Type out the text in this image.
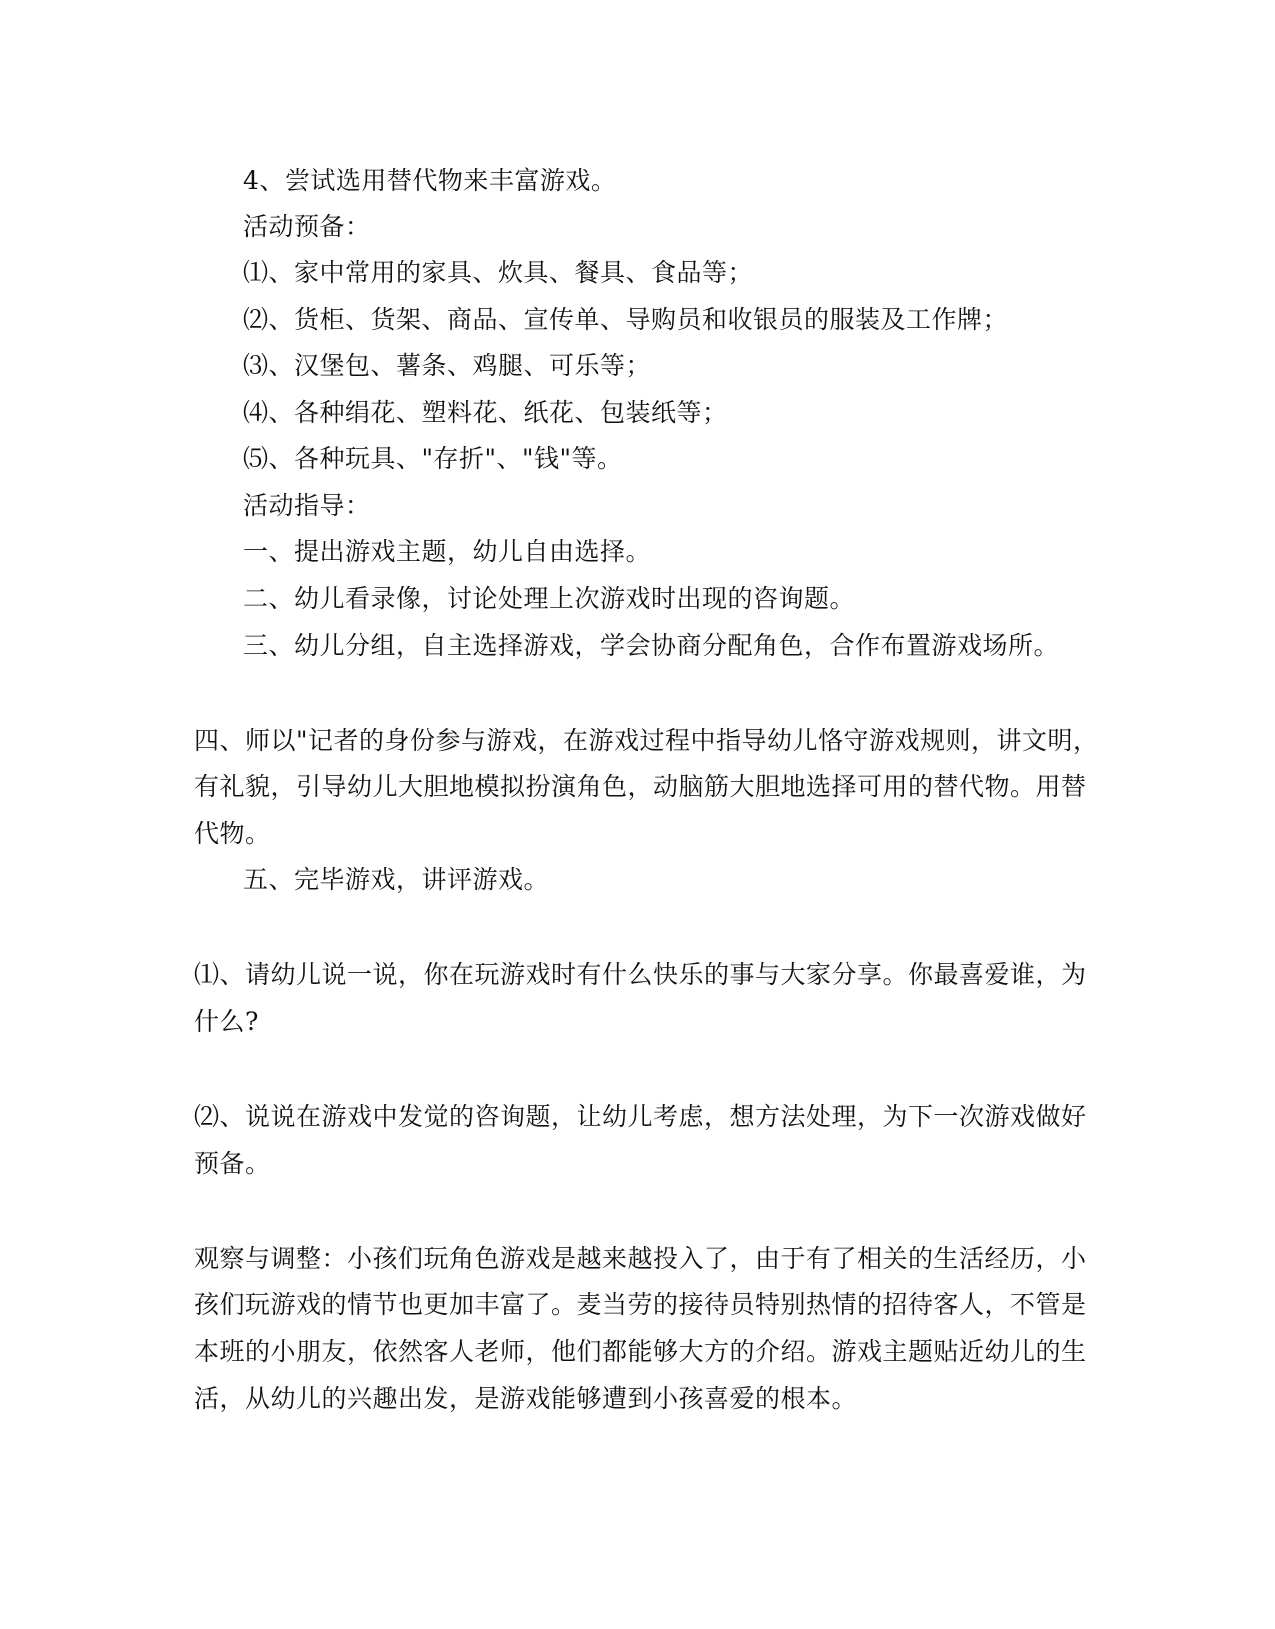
4、尝试选用替代物来丰富游戏。
活动预备：
⑴、家中常用的家具、炊具、餐具、食品等；
⑵、货柜、货架、商品、宣传单、导购员和收银员的服装及工作牌；
⑶、汉堡包、薯条、鸡腿、可乐等；
⑷、各种绢花、塑料花、纸花、包装纸等；
⑸、各种玩具、"存折"、"钱"等。
活动指导：
一、提出游戏主题，幼儿自由选择。
二、幼儿看录像，讨论处理上次游戏时出现的咨询题。
三、幼儿分组，自主选择游戏，学会协商分配角色，合作布置游戏场所。
四、师以"记者的身份参与游戏，在游戏过程中指导幼儿恪守游戏规则，讲文明，
有礼貌，引导幼儿大胆地模拟扮演角色，动脑筋大胆地选择可用的替代物。用替
代物。
五、完毕游戏，讲评游戏。
⑴、请幼儿说一说，你在玩游戏时有什么快乐的事与大家分享。你最喜爱谁，为
什么?
⑵、说说在游戏中发觉的咨询题，让幼儿考虑，想方法处理，为下一次游戏做好
预备。
观察与调整：小孩们玩角色游戏是越来越投入了，由于有了相关的生活经历，小
孩们玩游戏的情节也更加丰富了。麦当劳的接待员特别热情的招待客人，不管是
本班的小朋友，依然客人老师，他们都能够大方的介绍。游戏主题贴近幼儿的生
活，从幼儿的兴趣出发，是游戏能够遭到小孩喜爱的根本。
